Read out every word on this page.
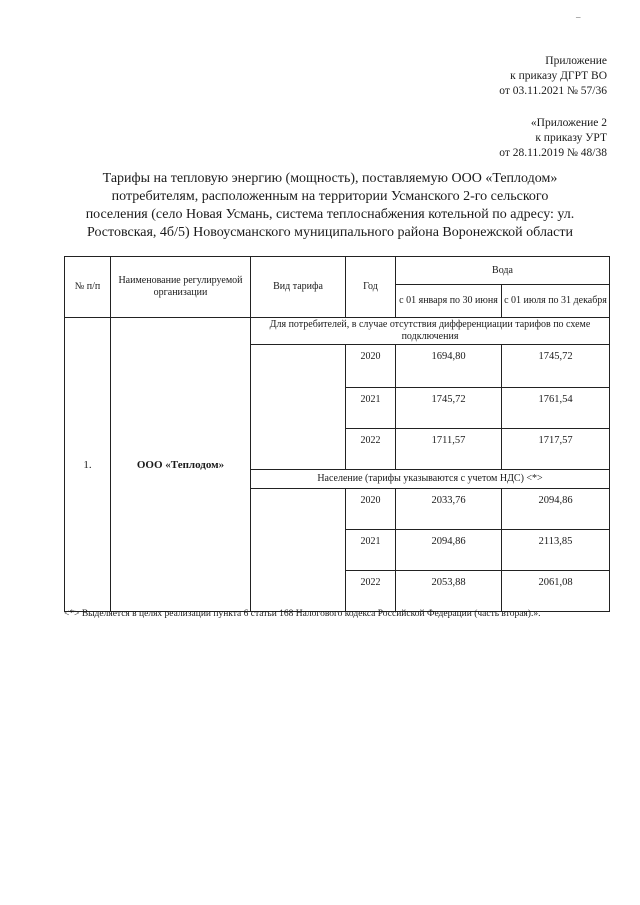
–
Приложение
к приказу ДГРТ ВО
от 03.11.2021 № 57/36
«Приложение 2
к приказу УРТ
от 28.11.2019 № 48/38
Тарифы на тепловую энергию (мощность), поставляемую ООО «Теплодом»
потребителям, расположенным на территории Усманского 2-го сельского
поселения (село Новая Усмань, система теплоснабжения котельной по адресу: ул.
Ростовская, 4б/5) Новоусманского муниципального района Воронежской области
№ п/п	Наименование регулируемой организации	Вид тарифа	Год	Вода	
				с 01 января по 30 июня	с 01 июля по 31 декабря
1.	ООО «Теплодом»	Для потребителей, в случае отсутствия дифференциации тарифов по схеме подключения			
			2020	1694,80	1745,72
			2021	1745,72	1761,54
			2022	1711,57	1717,57
		Население (тарифы указываются с учетом НДС) <*>			
			2020	2033,76	2094,86
			2021	2094,86	2113,85
			2022	2053,88	2061,08
<*> Выделяется в целях реализации пункта 6 статьи 168 Налогового кодекса Российской Федерации (часть вторая).».
